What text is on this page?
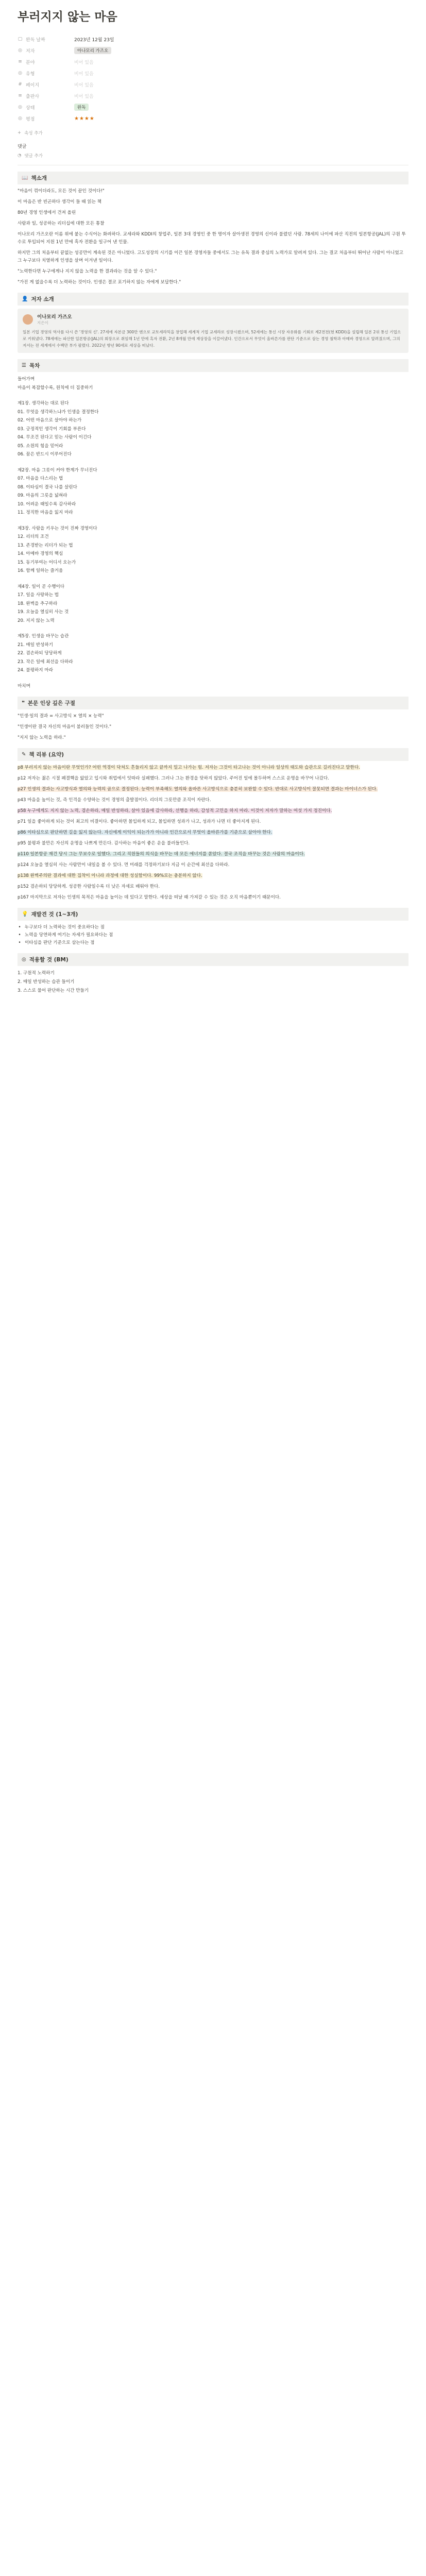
부러지지 않는 마음
▢ 완독 날짜	2023년 12월 23일
◎ 저자	아나모리 가즈오
≡ 분야	비어 있음
◎ 유형	비어 있음
# 페이지	비어 있음
≡ 출판사	비어 있음
◎ 상태	완독
◎ 평점	★★★★
+ 속성 추가
댓글
◔ 댓글 추가
📖 책소개

"마음이 꺾이더라도, 모든 것이 끝인 것이다!"

이 마음은 반 빈곤하다 생각이 들 때 읽는 책

80년 경영 인생에서 건져 올린

사람과 일, 성공하는 리더십에 대한 모든 통찰

이나모리 가즈오란 이름 위에 붙는 수식어는 화려하다. 교세라와 KDDI의 창업주, 일본 3대 경영인 중 한 명이자 살아생전 경영의 신이라 불렸던 사람. 78세의 나이에 파산 직전의 일본항공(JAL)의 구원 투수로 투입되어 지원 1년 만에 흑자 전환을 일구어 낸 인물.

하지만 그의 처음부터 끝없는 성공만이 계속된 것은 아니었다. 고도성장의 시기를 이끈 일본 경영자들 중에서도 그는 유독 결과 중심의 노력가로 알려져 있다. 그는 결코 처음부터 뛰어난 사람이 아니었고 그 누구보다 치열하게 인생을 살며 이겨낸 일이다.

"노력한다면 누구에게나 지지 않을 노력을 한 결과라는 것을 알 수 있다."

"가진 게 없을수록 더 노력하는 것이다. 인생은 결코 포기하지 않는 자에게 보답한다."

👤 저자 소개
이나모리 가즈오
지은이

일본 기업 경영의 역사를 다시 쓴 '경영의 신'. 27세에 자본금 300만 엔으로 교토세라믹을 창업해 세계적 기업 교세라로 성장시켰으며, 52세에는 통신 시장 자유화를 기회로 제2전전(현 KDDI)을 설립해 일본 2위 통신 기업으로 키워냈다. 78세에는 파산한 일본항공(JAL)의 회장으로 취임해 1년 만에 흑자 전환, 2년 8개월 만에 재상장을 이끌어냈다. 인간으로서 무엇이 올바른가를 판단 기준으로 삼는 경영 철학과 아메바 경영으로 알려졌으며, 그의 저서는 전 세계에서 수백만 부가 팔렸다. 2022년 향년 90세로 세상을 떠났다.

☰ 목차

들어가며

마음이 복잡할수록, 원칙에 더 집중하기

제1장. 생각하는 대로 된다

01. 무엇을 생각하느냐가 인생을 결정한다

02. 어떤 마음으로 살아야 하는가

03. 긍정적인 생각이 기회를 부른다

04. 무조건 된다고 믿는 사람이 이긴다

05. 소원의 힘을 믿어라

06. 꿈은 반드시 이루어진다

제2장. 마음 그릇이 커야 한계가 무너진다

07. 마음을 다스리는 법

08. 이타심이 결국 나를 살린다

09. 마음의 그릇을 넓혀라

10. 어려운 때일수록 감사하라

11. 정직한 마음을 잃지 마라

제3장. 사람을 키우는 것이 진짜 경영이다

12. 리더의 조건

13. 존경받는 리더가 되는 법

14. 아메바 경영의 핵심

15. 동기부여는 어디서 오는가

16. 함께 일하는 즐거움

제4장. 일이 곧 수행이다

17. 일을 사랑하는 법

18. 완벽을 추구하라

19. 오늘을 열심히 사는 것

20. 지지 않는 노력

제5장. 인생을 바꾸는 습관

21. 매일 반성하기

22. 겸손하되 당당하게

23. 작은 일에 최선을 다하라

24. 불평하지 마라

마치며

❝ 본문 인상 깊은 구절

"인생·일의 결과 = 사고방식 × 열의 × 능력"

"인생이란 결국 자신의 마음이 불러들인 것이다."

"지지 않는 노력을 하라."

✎ 책 리뷰 (요약)

p8 부러지지 않는 마음이란 무엇인가? 어떤 역경이 닥쳐도 흔들리지 않고 끝까지 밀고 나가는 힘. 저자는 그것이 타고나는 것이 아니라 일상의 태도와 습관으로 길러진다고 말한다.

p12 저자는 젊은 시절 폐결핵을 앓았고 입시와 취업에서 잇따라 실패했다. 그러나 그는 환경을 탓하지 않았다. 주어진 일에 몰두하며 스스로 운명을 바꾸어 나갔다.

p27 인생의 결과는 사고방식과 열의와 능력의 곱으로 결정된다. 능력이 부족해도 열의와 올바른 사고방식으로 충분히 보완할 수 있다. 반대로 사고방식이 잘못되면 결과는 마이너스가 된다.

p43 마음을 높이는 것, 즉 인격을 수양하는 것이 경영의 출발점이다. 리더의 그릇만큼 조직이 자란다.

p58 누구에게도 지지 않는 노력, 겸손하라, 매일 반성하라, 살아 있음에 감사하라, 선행을 하라, 감성적 고민을 하지 마라. 이것이 저자가 말하는 여섯 가지 정진이다.

p71 일을 좋아하게 되는 것이 최고의 비결이다. 좋아하면 몰입하게 되고, 몰입하면 성과가 나고, 성과가 나면 더 좋아지게 된다.

p86 이타심으로 판단하면 길을 잃지 않는다. 자신에게 이익이 되는가가 아니라 인간으로서 무엇이 올바른가를 기준으로 삼아야 한다.

p95 불평과 불만은 자신의 운명을 나쁘게 만든다. 감사하는 마음이 좋은 운을 불러들인다.

p110 일본항공 재건 당시 그는 무보수로 일했다. 그리고 직원들의 의식을 바꾸는 데 모든 에너지를 쏟았다. 결국 조직을 바꾸는 것은 사람의 마음이다.

p124 오늘을 열심히 사는 사람만이 내일을 볼 수 있다. 먼 미래를 걱정하기보다 지금 이 순간에 최선을 다하라.

p138 완벽주의란 결과에 대한 집착이 아니라 과정에 대한 성실함이다. 99%로는 충분하지 않다.

p152 겸손하되 당당하게. 성공한 사람일수록 더 낮은 자세로 배워야 한다.

p167 마지막으로 저자는 인생의 목적은 마음을 높이는 데 있다고 말한다. 세상을 떠날 때 가져갈 수 있는 것은 오직 마음뿐이기 때문이다.

💡 재발견 것 (1~3개)
• 누구보다 더 노력하는 것이 중요하다는 점
• 노력을 당연하게 여기는 자세가 필요하다는 점
• 이타심을 판단 기준으로 삼는다는 점
◎ 적용할 것 (BM)
1. 구원적 노력하기
2. 매일 반성하는 습관 들이기
3. 스스로 물어 판단하는 시간 만들기
